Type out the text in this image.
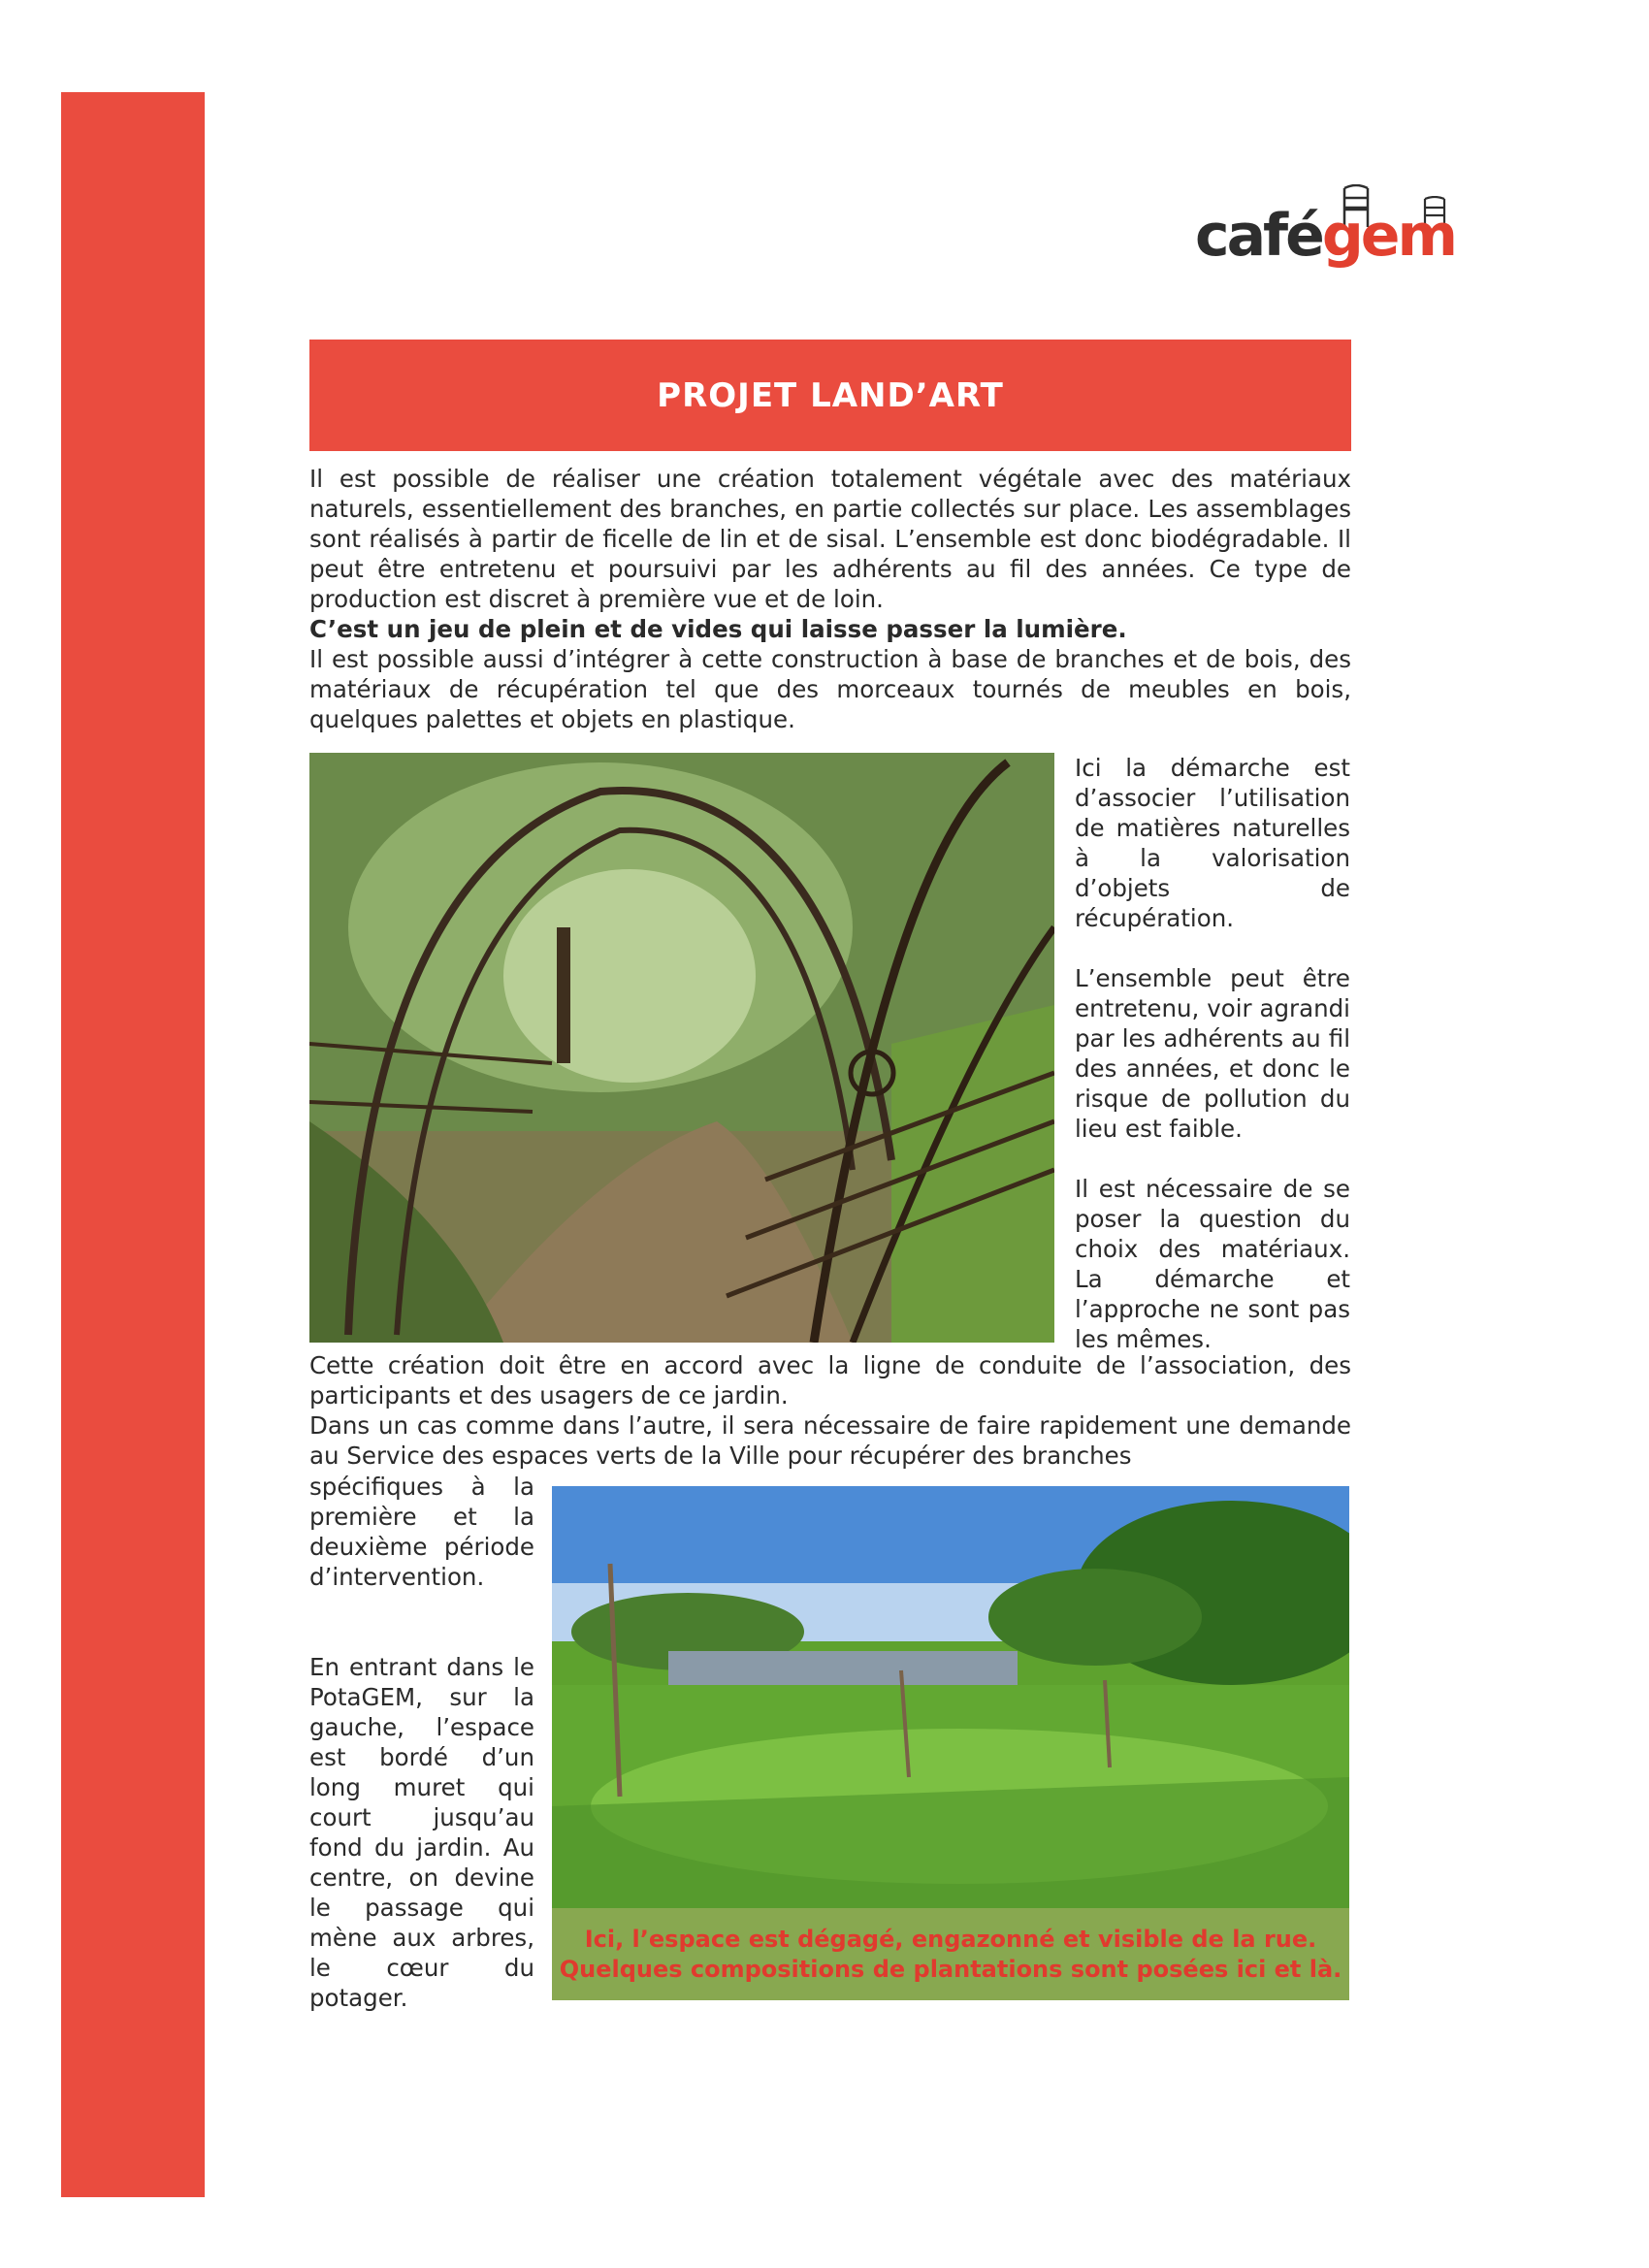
cafégem
PROJET LAND’ART

Il est possible de réaliser une création totalement végétale avec des matériaux naturels, essentiellement des branches, en partie collectés sur place. Les assemblages sont réalisés à partir de ficelle de lin et de sisal. L’ensemble est donc biodégradable. Il peut être entretenu et poursuivi par les adhérents au fil des années. Ce type de production est discret à première vue et de loin.

C’est un jeu de plein et de vides qui laisse passer la lumière.

Il est possible aussi d’intégrer à cette construction à base de branches et de bois, des matériaux de récupération tel que des morceaux tournés de meubles en bois, quelques palettes et objets en plastique.

Ici la démarche est d’associer l’utilisation de matières naturelles à la valorisation d’objets de récupération.

L’ensemble peut être entretenu, voir agrandi par les adhérents au fil des années, et donc le risque de pollution du lieu est faible.

Il est nécessaire de se poser la question du choix des matériaux. La démarche et l’approche ne sont pas les mêmes.

Cette création doit être en accord avec la ligne de conduite de l’association, des participants et des usagers de ce jardin.

Dans un cas comme dans l’autre, il sera nécessaire de faire rapidement une demande au Service des espaces verts de la Ville pour récupérer des branches

spécifiques à la première et la deuxième période d’intervention.

En entrant dans le PotaGEM, sur la gauche, l’espace est bordé d’un long muret qui court jusqu’au fond du jardin. Au centre, on devine le passage qui mène aux arbres, le cœur du potager.

Ici, l’espace est dégagé, engazonné et visible de la rue.
Quelques compositions de plantations sont posées ici et là.
